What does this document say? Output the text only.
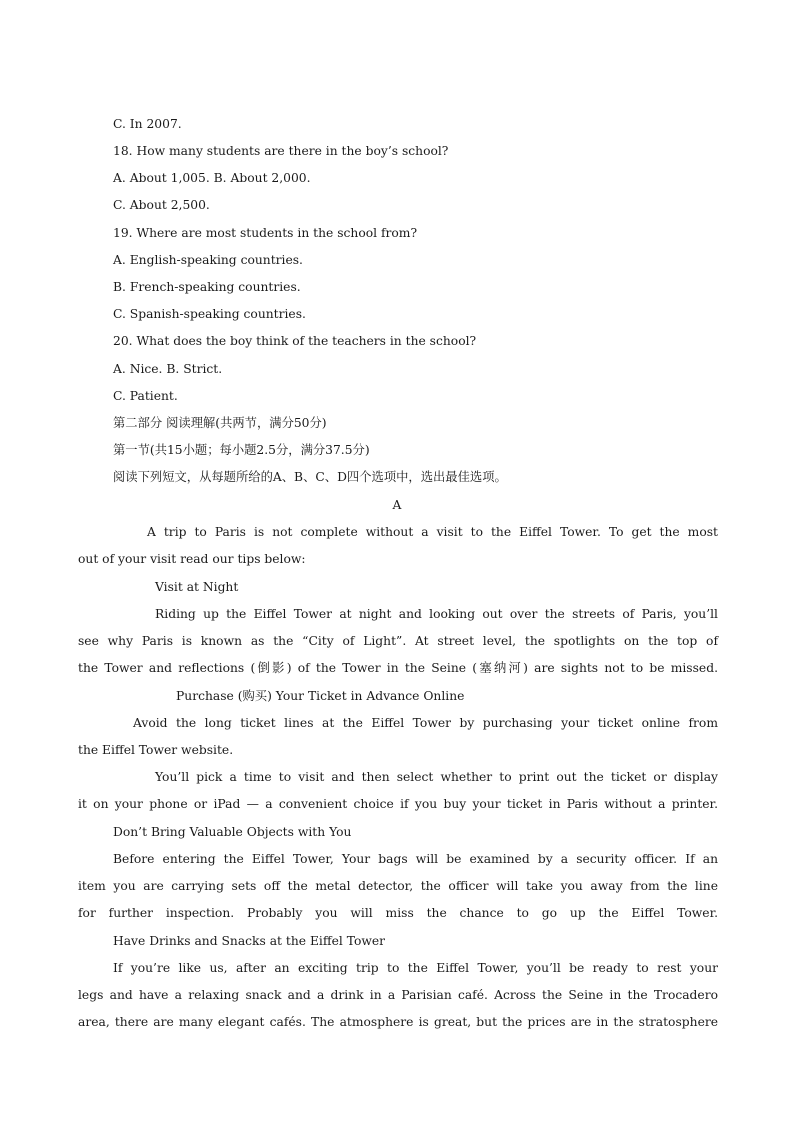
C. In 2007.
18. How many students are there in the boy’s school?
A. About 1,005. B. About 2,000.
C. About 2,500.
19. Where are most students in the school from?
A. English-speaking countries.
B. French-speaking countries.
C. Spanish-speaking countries.
20. What does the boy think of the teachers in the school?
A. Nice. B. Strict.
C. Patient.
第二部分 阅读理解(共两节，满分50分)
第一节(共15小题；每小题2.5分，满分37.5分)
阅读下列短文，从每题所给的A、B、C、D四个选项中，选出最佳选项。
A
A trip to Paris is not complete without a visit to the Eiffel Tower. To get the most
out of your visit read our tips below:
Visit at Night
Riding up the Eiffel Tower at night and looking out over the streets of Paris, you’ll
see why Paris is known as the “City of Light”. At street level, the spotlights on the top of
the Tower and reflections (倒影) of the Tower in the Seine (塞纳河) are sights not to be missed.
Purchase (购买) Your Ticket in Advance Online
Avoid the long ticket lines at the Eiffel Tower by purchasing your ticket online from
the Eiffel Tower website.
You’ll pick a time to visit and then select whether to print out the ticket or display
it on your phone or iPad — a convenient choice if you buy your ticket in Paris without a printer.
Don’t Bring Valuable Objects with You
Before entering the Eiffel Tower, Your bags will be examined by a security officer. If an
item you are carrying sets off the metal detector, the officer will take you away from the line
for further inspection. Probably you will miss the chance to go up the Eiffel Tower.
Have Drinks and Snacks at the Eiffel Tower
If you’re like us, after an exciting trip to the Eiffel Tower, you’ll be ready to rest your
legs and have a relaxing snack and a drink in a Parisian café. Across the Seine in the Trocadero
area, there are many elegant cafés. The atmosphere is great, but the prices are in the stratosphere
